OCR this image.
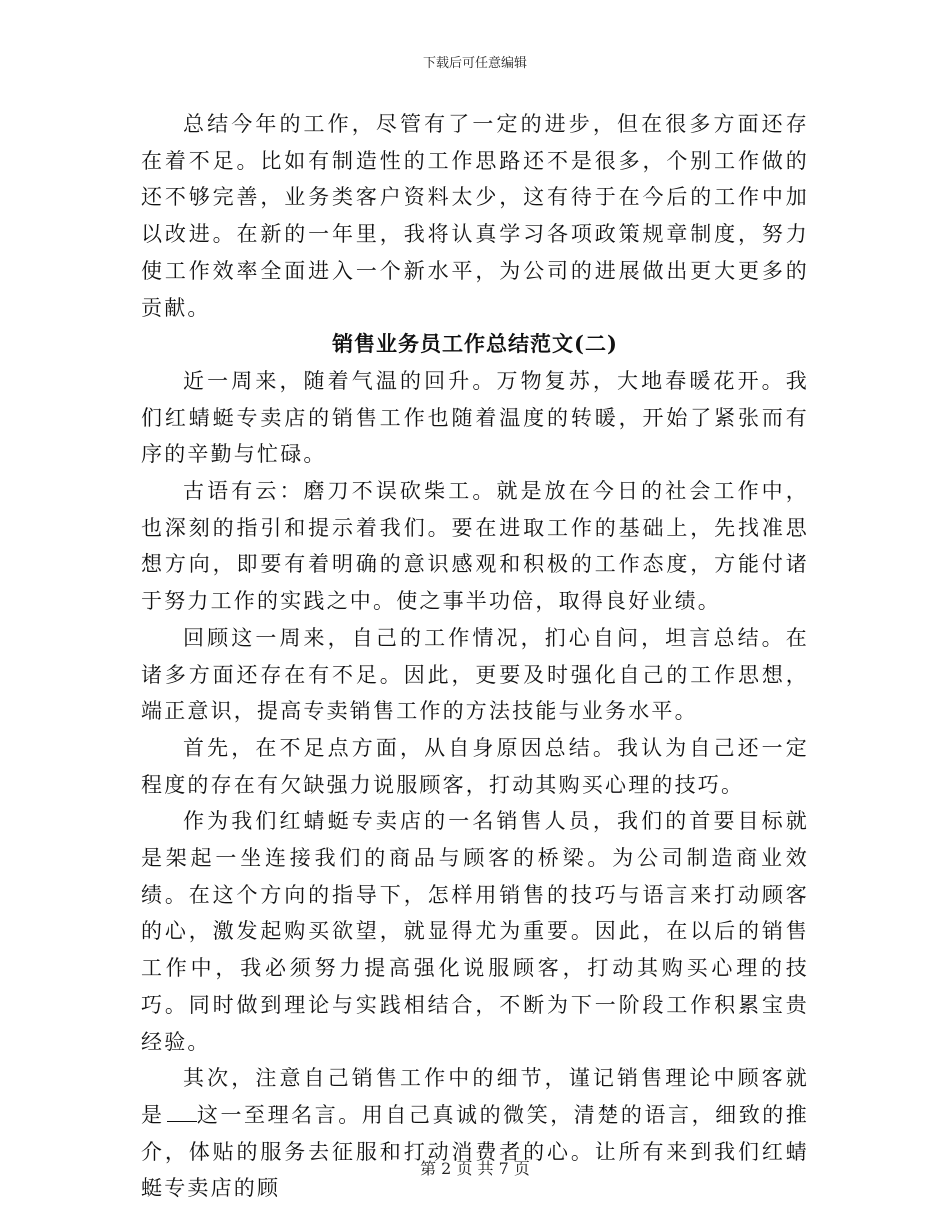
下载后可任意编辑

总结今年的工作，尽管有了一定的进步，但在很多方面还存在着不足。比如有制造性的工作思路还不是很多，个别工作做的还不够完善，业务类客户资料太少，这有待于在今后的工作中加以改进。在新的一年里，我将认真学习各项政策规章制度，努力使工作效率全面进入一个新水平，为公司的进展做出更大更多的贡献。

销售业务员工作总结范文(二)

近一周来，随着气温的回升。万物复苏，大地春暖花开。我们红蜻蜓专卖店的销售工作也随着温度的转暖，开始了紧张而有序的辛勤与忙碌。

古语有云：磨刀不误砍柴工。就是放在今日的社会工作中，也深刻的指引和提示着我们。要在进取工作的基础上，先找准思想方向，即要有着明确的意识感观和积极的工作态度，方能付诸于努力工作的实践之中。使之事半功倍，取得良好业绩。

回顾这一周来，自己的工作情况，扪心自问，坦言总结。在诸多方面还存在有不足。因此，更要及时强化自己的工作思想，端正意识，提高专卖销售工作的方法技能与业务水平。

首先，在不足点方面，从自身原因总结。我认为自己还一定程度的存在有欠缺强力说服顾客，打动其购买心理的技巧。

作为我们红蜻蜓专卖店的一名销售人员，我们的首要目标就是架起一坐连接我们的商品与顾客的桥梁。为公司制造商业效绩。在这个方向的指导下，怎样用销售的技巧与语言来打动顾客的心，激发起购买欲望，就显得尤为重要。因此，在以后的销售工作中，我必须努力提高强化说服顾客，打动其购买心理的技巧。同时做到理论与实践相结合，不断为下一阶段工作积累宝贵经验。

其次，注意自己销售工作中的细节，谨记销售理论中顾客就是 这一至理名言。用自己真诚的微笑，清楚的语言，细致的推介，体贴的服务去征服和打动消费者的心。让所有来到我们红蜻蜓专卖店的顾

第 2 页 共 7 页
